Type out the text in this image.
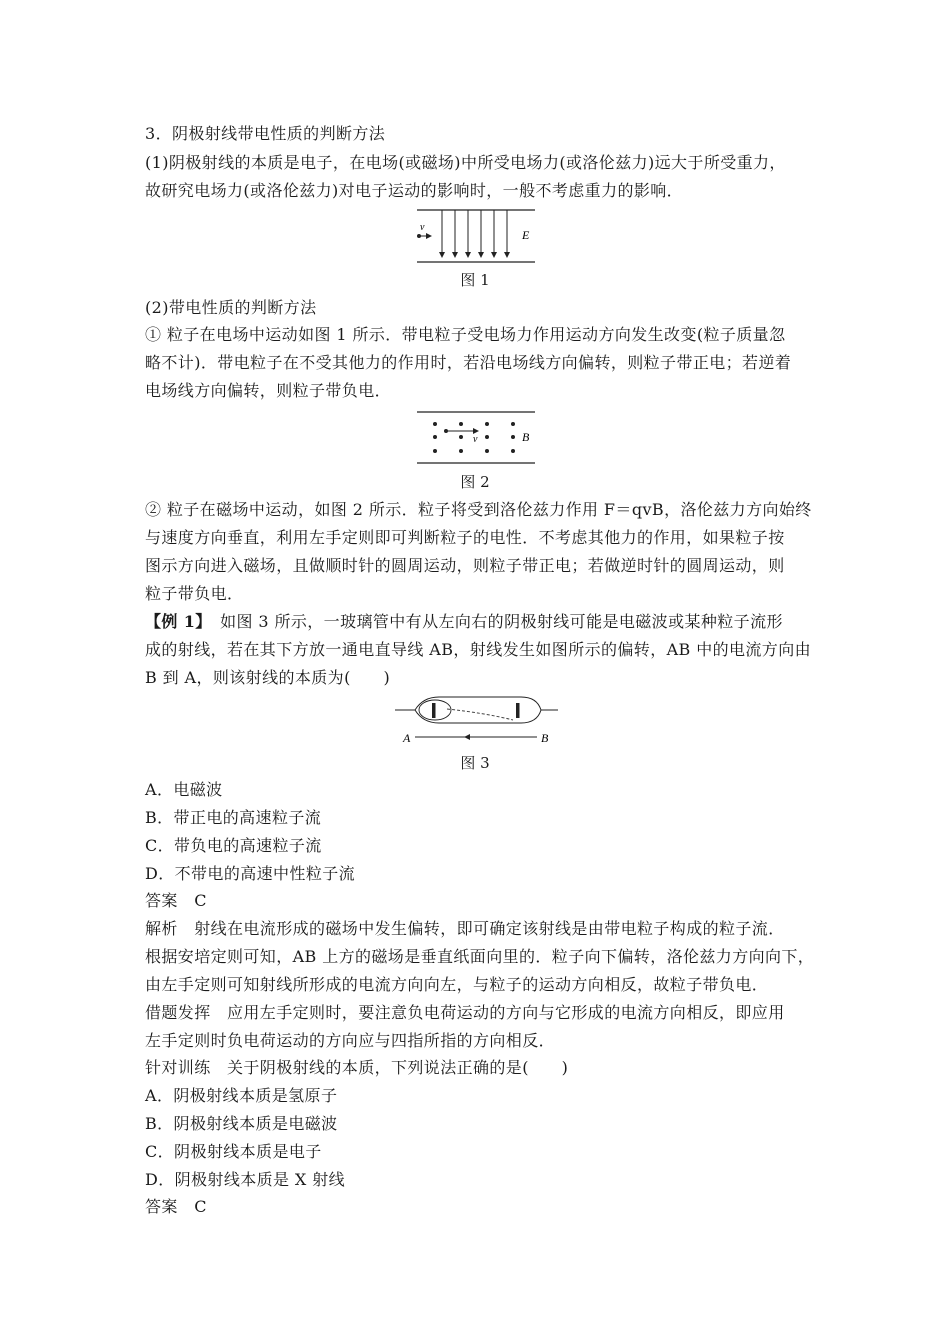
3．阴极射线带电性质的判断方法
(1)阴极射线的本质是电子，在电场(或磁场)中所受电场力(或洛伦兹力)远大于所受重力，
故研究电场力(或洛伦兹力)对电子运动的影响时，一般不考虑重力的影响．
v
E
图 1
(2)带电性质的判断方法
① 粒子在电场中运动如图 1 所示．带电粒子受电场力作用运动方向发生改变(粒子质量忽
略不计)．带电粒子在不受其他力的作用时，若沿电场线方向偏转，则粒子带正电；若逆着
电场线方向偏转，则粒子带负电．
v	B
图 2
② 粒子在磁场中运动，如图 2 所示．粒子将受到洛伦兹力作用 F＝qvB，洛伦兹力方向始终
与速度方向垂直，利用左手定则即可判断粒子的电性．不考虑其他力的作用，如果粒子按
图示方向进入磁场，且做顺时针的圆周运动，则粒子带正电；若做逆时针的圆周运动，则
粒子带负电．
【例 1】　如图 3 所示，一玻璃管中有从左向右的阴极射线可能是电磁波或某种粒子流形
成的射线，若在其下方放一通电直导线 AB，射线发生如图所示的偏转，AB 中的电流方向由
B 到 A，则该射线的本质为(　　)
A	B
图 3
A．电磁波
B．带正电的高速粒子流
C．带负电的高速粒子流
D．不带电的高速中性粒子流
答案　C
解析　射线在电流形成的磁场中发生偏转，即可确定该射线是由带电粒子构成的粒子流．
根据安培定则可知，AB 上方的磁场是垂直纸面向里的．粒子向下偏转，洛伦兹力方向向下，
由左手定则可知射线所形成的电流方向向左，与粒子的运动方向相反，故粒子带负电．
借题发挥　应用左手定则时，要注意负电荷运动的方向与它形成的电流方向相反，即应用
左手定则时负电荷运动的方向应与四指所指的方向相反．
针对训练　关于阴极射线的本质，下列说法正确的是(　　)
A．阴极射线本质是氢原子
B．阴极射线本质是电磁波
C．阴极射线本质是电子
D．阴极射线本质是 X 射线
答案　C
